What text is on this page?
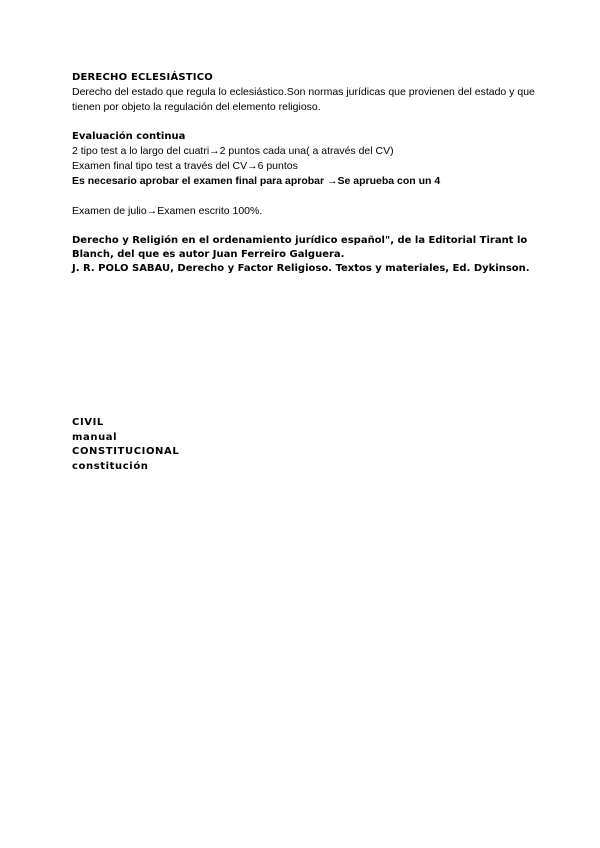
DERECHO ECLESIÁSTICO

Derecho del estado que regula lo eclesiástico.Son normas jurídicas que provienen del estado y que tienen por objeto la regulación del elemento religioso.

Evaluación continua

2 tipo test a lo largo del cuatri→2 puntos cada una( a através del CV)

Examen final tipo test a través del CV→6 puntos

Es necesario aprobar el examen final para aprobar →Se aprueba con un 4

Examen de julio→Examen escrito 100%.

Derecho y Religión en el ordenamiento jurídico español", de la Editorial Tirant lo Blanch, del que es autor Juan Ferreiro Galguera.

J. R. POLO SABAU, Derecho y Factor Religioso. Textos y materiales, Ed. Dykinson.

CIVIL

manual

CONSTITUCIONAL

constitución
